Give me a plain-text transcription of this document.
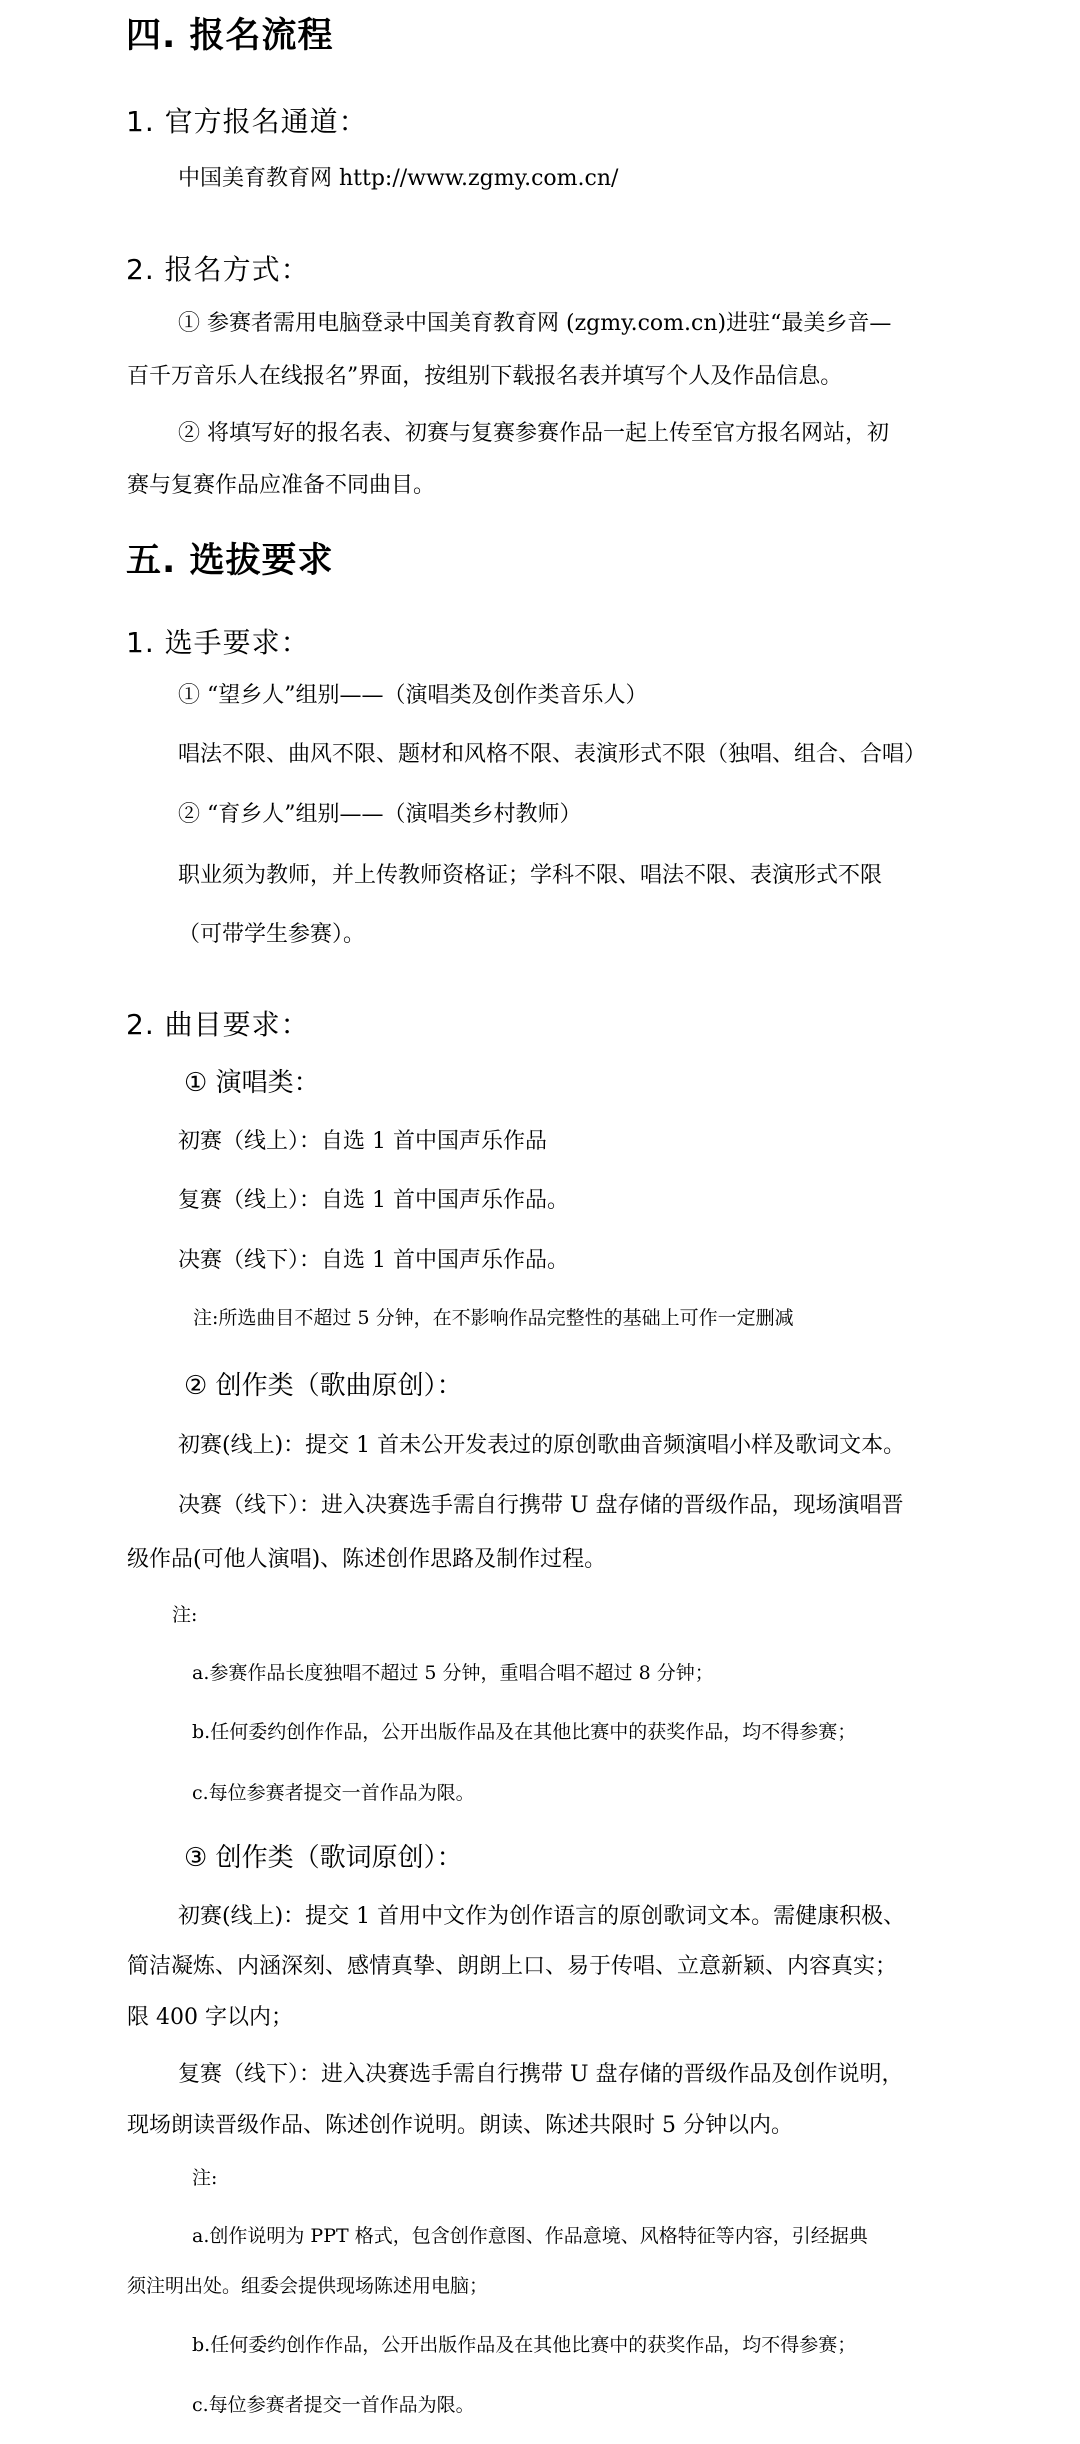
四. 报名流程
1. 官方报名通道：
中国美育教育网 http://www.zgmy.com.cn/
2. 报名方式：
① 参赛者需用电脑登录中国美育教育网 (zgmy.com.cn)进驻“最美乡音—
百千万音乐人在线报名”界面，按组别下载报名表并填写个人及作品信息。
② 将填写好的报名表、初赛与复赛参赛作品一起上传至官方报名网站，初
赛与复赛作品应准备不同曲目。
五. 选拔要求
1. 选手要求：
① “望乡人”组别——（演唱类及创作类音乐人）
唱法不限、曲风不限、题材和风格不限、表演形式不限（独唱、组合、合唱）
② “育乡人”组别——（演唱类乡村教师）
职业须为教师，并上传教师资格证；学科不限、唱法不限、表演形式不限
（可带学生参赛）。
2. 曲目要求：
① 演唱类：
初赛（线上）：自选 1 首中国声乐作品
复赛（线上）：自选 1 首中国声乐作品。
决赛（线下）：自选 1 首中国声乐作品。
注:所选曲目不超过 5 分钟，在不影响作品完整性的基础上可作一定删减
② 创作类（歌曲原创）：
初赛(线上)：提交 1 首未公开发表过的原创歌曲音频演唱小样及歌词文本。
决赛（线下）：进入决赛选手需自行携带 U 盘存储的晋级作品，现场演唱晋
级作品(可他人演唱)、陈述创作思路及制作过程。
注:
a.参赛作品长度独唱不超过 5 分钟，重唱合唱不超过 8 分钟；
b.任何委约创作作品，公开出版作品及在其他比赛中的获奖作品，均不得参赛；
c.每位参赛者提交一首作品为限。
③ 创作类（歌词原创）：
初赛(线上)：提交 1 首用中文作为创作语言的原创歌词文本。需健康积极、
简洁凝炼、内涵深刻、感情真挚、朗朗上口、易于传唱、立意新颖、内容真实；
限 400 字以内；
复赛（线下）：进入决赛选手需自行携带 U 盘存储的晋级作品及创作说明，
现场朗读晋级作品、陈述创作说明。朗读、陈述共限时 5 分钟以内。
注:
a.创作说明为 PPT 格式，包含创作意图、作品意境、风格特征等内容，引经据典
须注明出处。组委会提供现场陈述用电脑；
b.任何委约创作作品，公开出版作品及在其他比赛中的获奖作品，均不得参赛；
c.每位参赛者提交一首作品为限。
